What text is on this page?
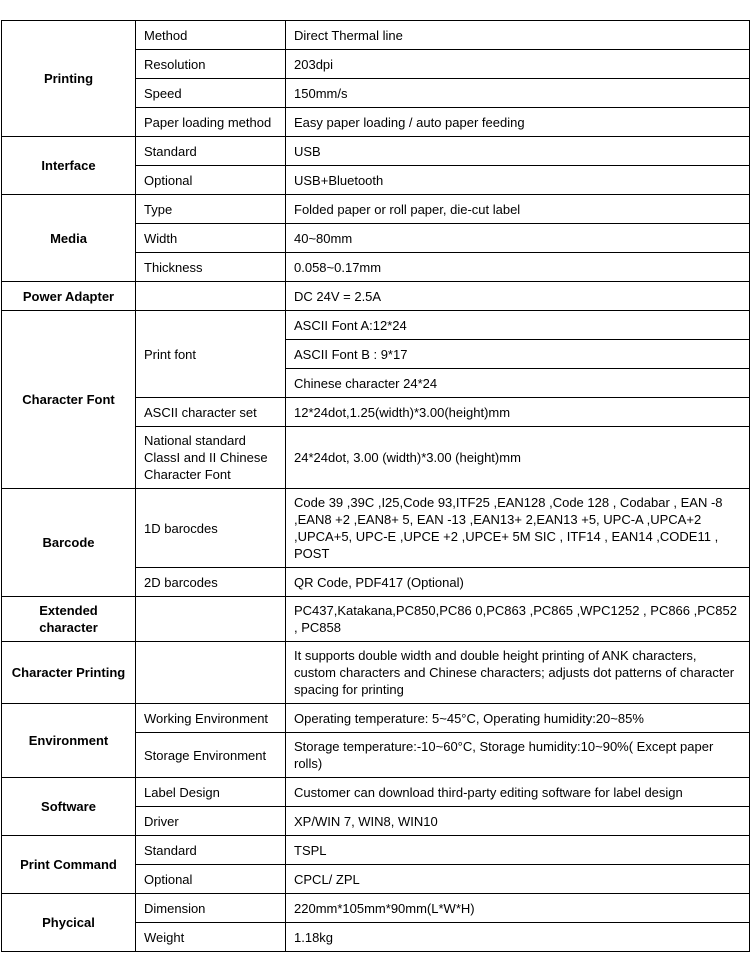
Printing	Method	Direct Thermal line
	Resolution	203dpi
	Speed	150mm/s
	Paper loading method	Easy paper loading / auto paper feeding
Interface	Standard	USB
	Optional	USB+Bluetooth
Media	Type	Folded paper or roll paper, die-cut label
	Width	40~80mm
	Thickness	0.058~0.17mm
Power Adapter		DC 24V = 2.5A
Character Font	Print font	ASCII Font A:12*24
		ASCII Font B : 9*17
		Chinese character 24*24
	ASCII character set	12*24dot,1.25(width)*3.00(height)mm
	National standard ClassI and II Chinese Character Font	24*24dot, 3.00 (width)*3.00 (height)mm
Barcode	1D barocdes	Code 39 ,39C ,I25,Code 93,ITF25 ,EAN128 ,Code 128 , Codabar , EAN -8 ,EAN8 +2 ,EAN8+ 5, EAN -13 ,EAN13+ 2,EAN13 +5, UPC-A ,UPCA+2 ,UPCA+5, UPC-E ,UPCE +2 ,UPCE+ 5M SIC , ITF14 , EAN14 ,CODE11 , POST
	2D barcodes	QR Code, PDF417 (Optional)
Extended character		PC437,Katakana,PC850,PC86 0,PC863 ,PC865 ,WPC1252 , PC866 ,PC852 , PC858
Character Printing		It supports double width and double height printing of ANK characters, custom characters and Chinese characters; adjusts dot patterns of character spacing for printing
Environment	Working Environment	Operating temperature: 5~45°C, Operating humidity:20~85%
	Storage Environment	Storage temperature:-10~60°C, Storage humidity:10~90%( Except paper rolls)
Software	Label Design	Customer can download third-party editing software for label design
	Driver	XP/WIN 7, WIN8, WIN10
Print Command	Standard	TSPL
	Optional	CPCL/ ZPL
Phycical	Dimension	220mm*105mm*90mm(L*W*H)
	Weight	1.18kg
